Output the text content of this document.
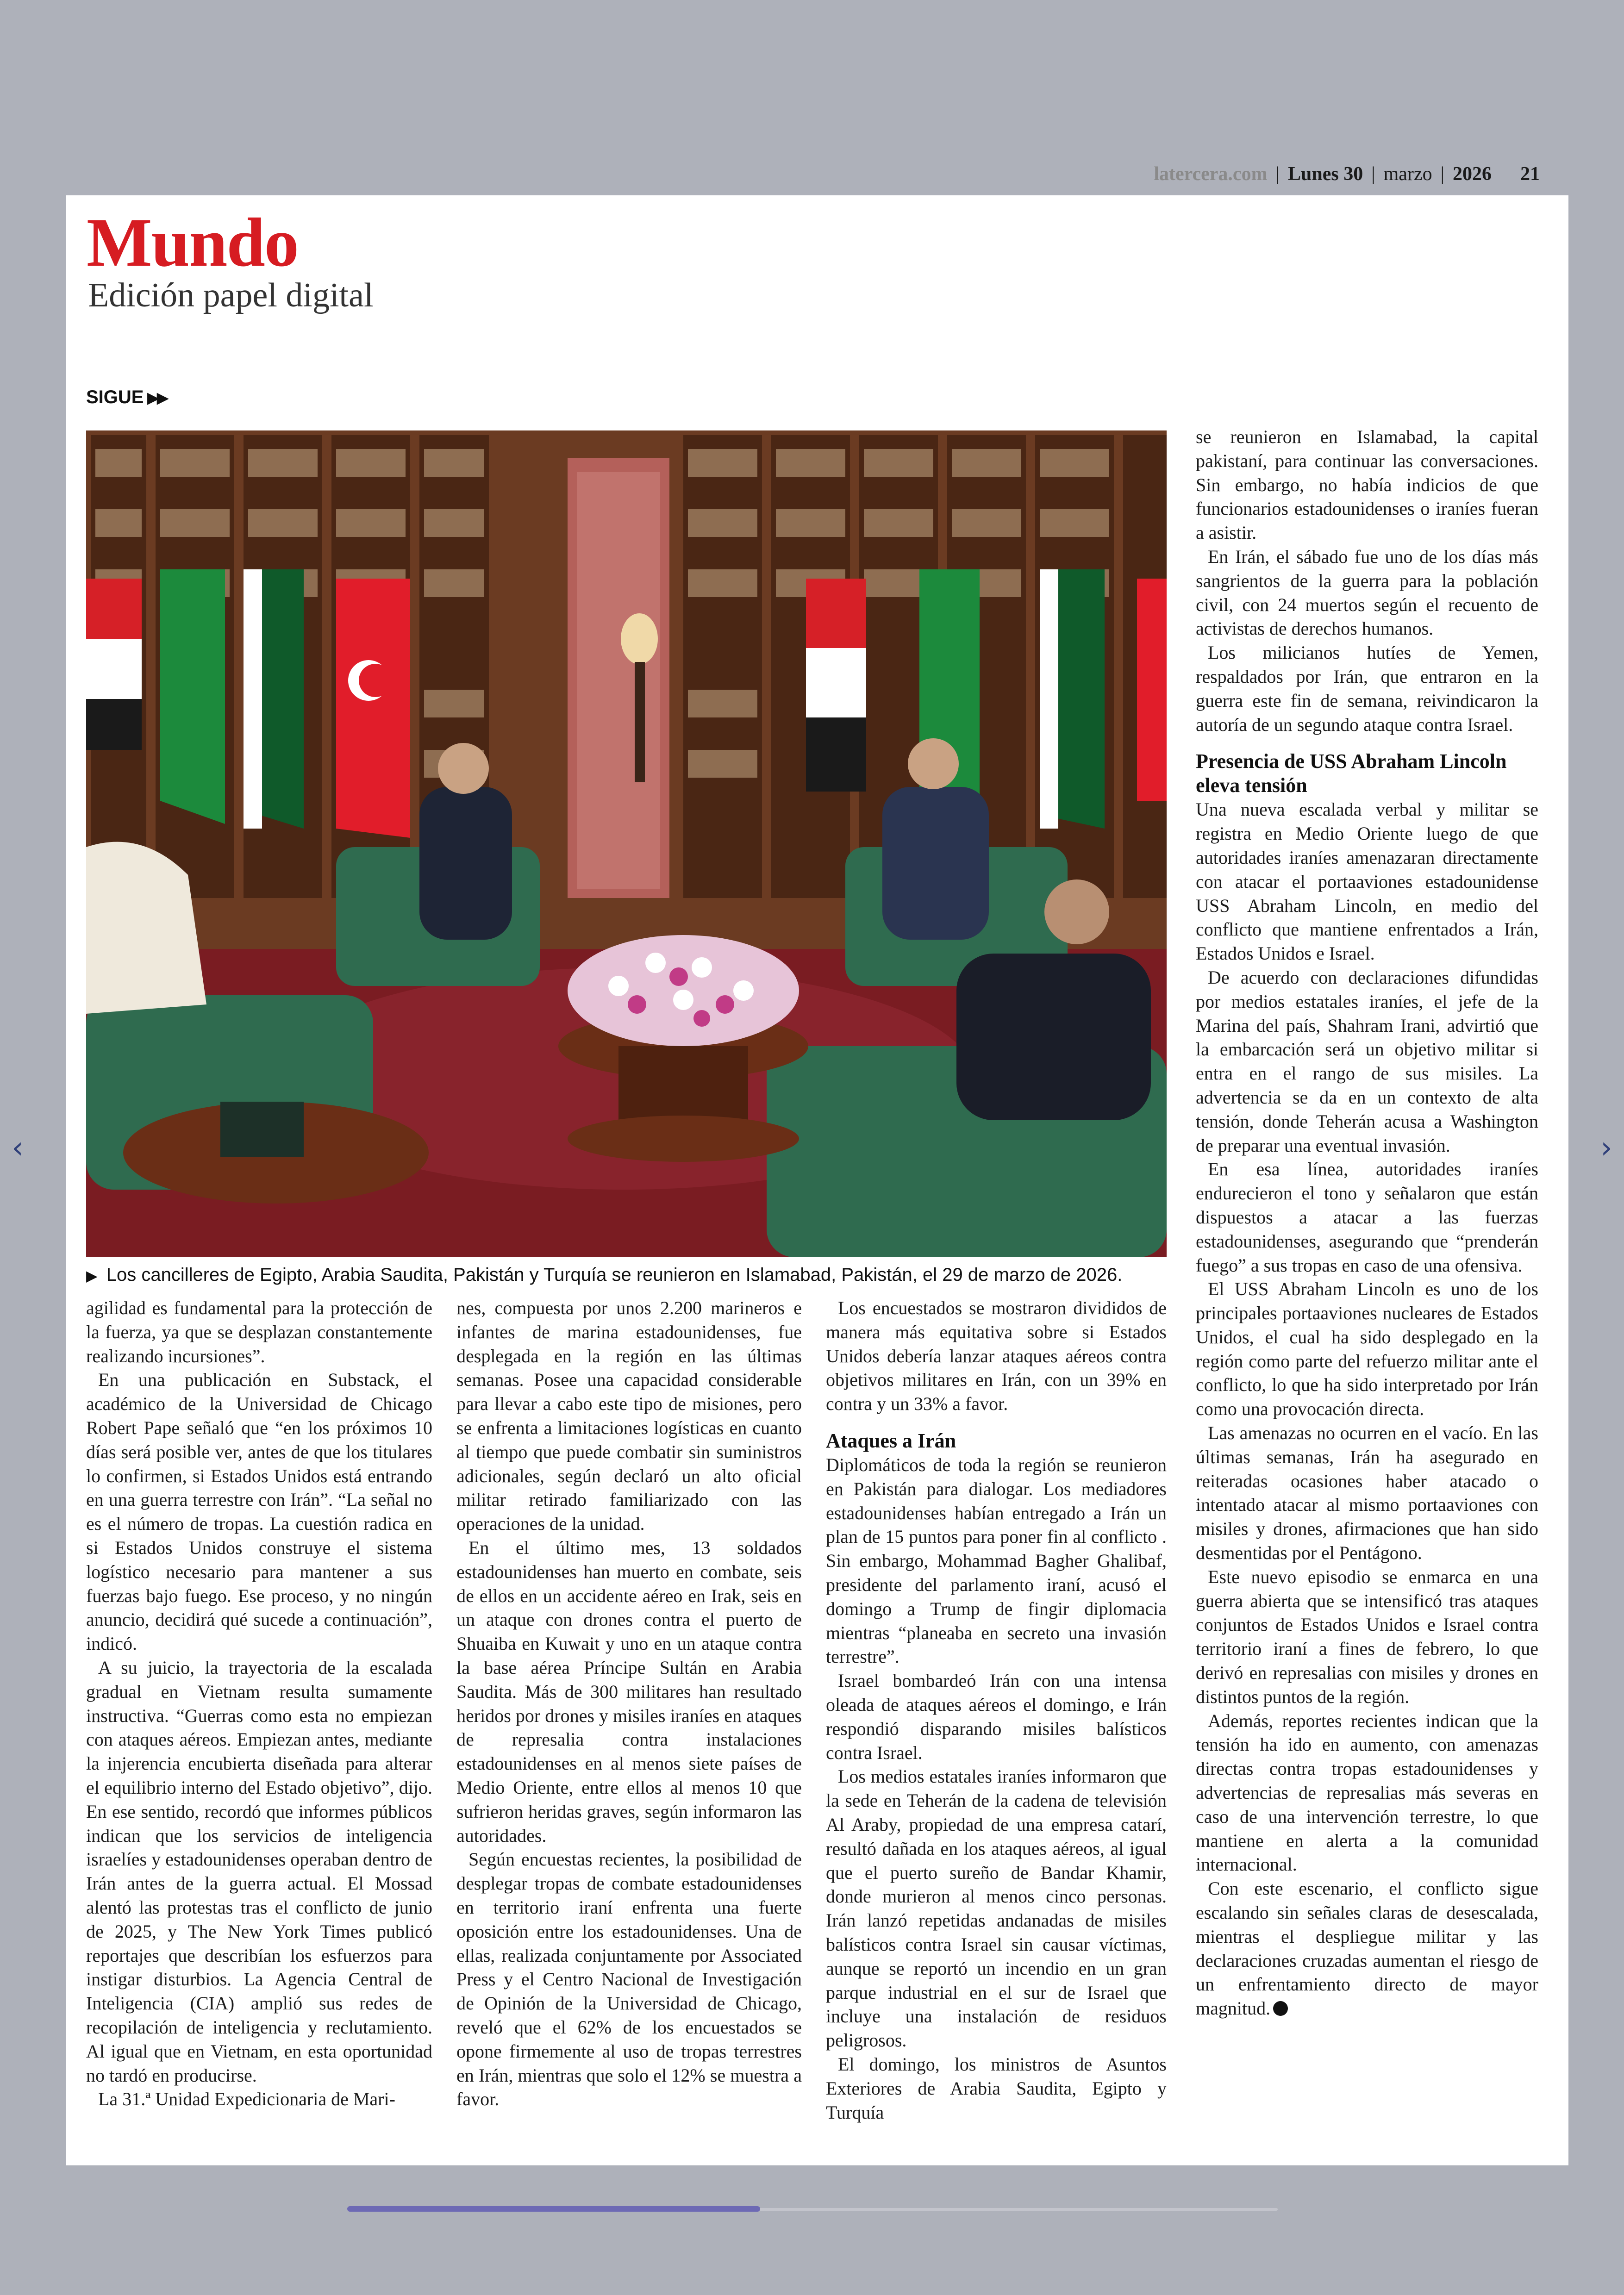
latercera.com | Lunes 30 | marzo | 2026 21
‹	›
Mundo
Edición papel digital
SIGUE ▶▶
▶ Los cancilleres de Egipto, Arabia Saudita, Pakistán y Turquía se reunieron en Islamabad, Pakistán, el 29 de marzo de 2026.

agilidad es fundamental para la protección de la fuerza, ya que se desplazan constantemente realizando incursiones”.

En una publicación en Substack, el académico de la Universidad de Chicago Robert Pape señaló que “en los próximos 10 días será posible ver, antes de que los titulares lo confirmen, si Estados Unidos está entrando en una guerra terrestre con Irán”. “La señal no es el número de tropas. La cuestión radica en si Estados Unidos construye el sistema logístico necesario para mantener a sus fuerzas bajo fuego. Ese proceso, y no ningún anuncio, decidirá qué sucede a continuación”, indicó.

A su juicio, la trayectoria de la escalada gradual en Vietnam resulta sumamente instructiva. “Guerras como esta no empiezan con ataques aéreos. Empiezan antes, mediante la injerencia encubierta diseñada para alterar el equilibrio interno del Estado objetivo”, dijo. En ese sentido, recordó que informes públicos indican que los servicios de inteligencia israelíes y estadounidenses operaban dentro de Irán antes de la guerra actual. El Mossad alentó las protestas tras el conflicto de junio de 2025, y The New York Times publicó reportajes que describían los esfuerzos para instigar disturbios. La Agencia Central de Inteligencia (CIA) amplió sus redes de recopilación de inteligencia y reclutamiento. Al igual que en Vietnam, en esta oportunidad no tardó en producirse.

La 31.ª Unidad Expedicionaria de Mari-

nes, compuesta por unos 2.200 marineros e infantes de marina estadounidenses, fue desplegada en la región en las últimas semanas. Posee una capacidad considerable para llevar a cabo este tipo de misiones, pero se enfrenta a limitaciones logísticas en cuanto al tiempo que puede combatir sin suministros adicionales, según declaró un alto oficial militar retirado familiarizado con las operaciones de la unidad.

En el último mes, 13 soldados estadounidenses han muerto en combate, seis de ellos en un accidente aéreo en Irak, seis en un ataque con drones contra el puerto de Shuaiba en Kuwait y uno en un ataque contra la base aérea Príncipe Sultán en Arabia Saudita. Más de 300 militares han resultado heridos por drones y misiles iraníes en ataques de represalia contra instalaciones estadounidenses en al menos siete países de Medio Oriente, entre ellos al menos 10 que sufrieron heridas graves, según informaron las autoridades.

Según encuestas recientes, la posibilidad de desplegar tropas de combate estadounidenses en territorio iraní enfrenta una fuerte oposición entre los estadounidenses. Una de ellas, realizada conjuntamente por Associated Press y el Centro Nacional de Investigación de Opinión de la Universidad de Chicago, reveló que el 62% de los encuestados se opone firmemente al uso de tropas terrestres en Irán, mientras que solo el 12% se muestra a favor.

Los encuestados se mostraron divididos de manera más equitativa sobre si Estados Unidos debería lanzar ataques aéreos contra objetivos militares en Irán, con un 39% en contra y un 33% a favor.

Ataques a Irán

Diplomáticos de toda la región se reunieron en Pakistán para dialogar. Los mediadores estadounidenses habían entregado a Irán un plan de 15 puntos para poner fin al conflicto . Sin embargo, Mohammad Bagher Ghalibaf, presidente del parlamento iraní, acusó el domingo a Trump de fingir diplomacia mientras “planeaba en secreto una invasión terrestre”.

Israel bombardeó Irán con una intensa oleada de ataques aéreos el domingo, e Irán respondió disparando misiles balísticos contra Israel.

Los medios estatales iraníes informaron que la sede en Teherán de la cadena de televisión Al Araby, propiedad de una empresa catarí, resultó dañada en los ataques aéreos, al igual que el puerto sureño de Bandar Khamir, donde murieron al menos cinco personas. Irán lanzó repetidas andanadas de misiles balísticos contra Israel sin causar víctimas, aunque se reportó un incendio en un gran parque industrial en el sur de Israel que incluye una instalación de residuos peligrosos.

El domingo, los ministros de Asuntos Exteriores de Arabia Saudita, Egipto y Turquía

se reunieron en Islamabad, la capital pakistaní, para continuar las conversaciones. Sin embargo, no había indicios de que funcionarios estadounidenses o iraníes fueran a asistir.

En Irán, el sábado fue uno de los días más sangrientos de la guerra para la población civil, con 24 muertos según el recuento de activistas de derechos humanos.

Los milicianos hutíes de Yemen, respaldados por Irán, que entraron en la guerra este fin de semana, reivindicaron la autoría de un segundo ataque contra Israel.

Presencia de USS Abraham Lincoln eleva tensión

Una nueva escalada verbal y militar se registra en Medio Oriente luego de que autoridades iraníes amenazaran directamente con atacar el portaaviones estadounidense USS Abraham Lincoln, en medio del conflicto que mantiene enfrentados a Irán, Estados Unidos e Israel.

De acuerdo con declaraciones difundidas por medios estatales iraníes, el jefe de la Marina del país, Shahram Irani, advirtió que la embarcación será un objetivo militar si entra en el rango de sus misiles. La advertencia se da en un contexto de alta tensión, donde Teherán acusa a Washington de preparar una eventual invasión.

En esa línea, autoridades iraníes endurecieron el tono y señalaron que están dispuestos a atacar a las fuerzas estadounidenses, asegurando que “prenderán fuego” a sus tropas en caso de una ofensiva.

El USS Abraham Lincoln es uno de los principales portaaviones nucleares de Estados Unidos, el cual ha sido desplegado en la región como parte del refuerzo militar ante el conflicto, lo que ha sido interpretado por Irán como una provocación directa.

Las amenazas no ocurren en el vacío. En las últimas semanas, Irán ha asegurado en reiteradas ocasiones haber atacado o intentado atacar al mismo portaaviones con misiles y drones, afirmaciones que han sido desmentidas por el Pentágono.

Este nuevo episodio se enmarca en una guerra abierta que se intensificó tras ataques conjuntos de Estados Unidos e Israel contra territorio iraní a fines de febrero, lo que derivó en represalias con misiles y drones en distintos puntos de la región.

Además, reportes recientes indican que la tensión ha ido en aumento, con amenazas directas contra tropas estadounidenses y advertencias de represalias más severas en caso de una intervención terrestre, lo que mantiene en alerta a la comunidad internacional.

Con este escenario, el conflicto sigue escalando sin señales claras de desescalada, mientras el despliegue militar y las declaraciones cruzadas aumentan el riesgo de un enfrentamiento directo de mayor magnitud.
